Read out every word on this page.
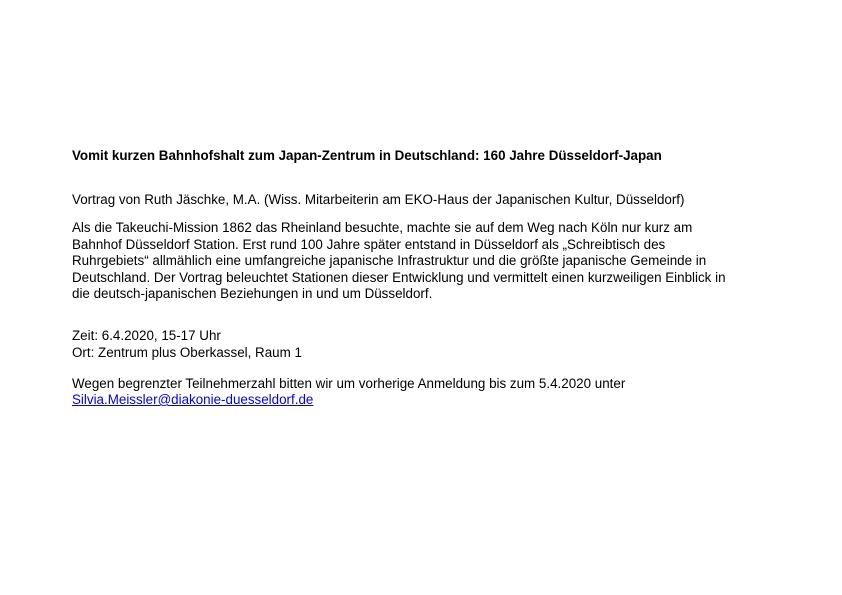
Vomit kurzen Bahnhofshalt zum Japan-Zentrum in Deutschland: 160 Jahre Düsseldorf-Japan

Vortrag von Ruth Jäschke, M.A. (Wiss. Mitarbeiterin am EKO-Haus der Japanischen Kultur, Düsseldorf)

Als die Takeuchi-Mission 1862 das Rheinland besuchte, machte sie auf dem Weg nach Köln nur kurz am
Bahnhof Düsseldorf Station. Erst rund 100 Jahre später entstand in Düsseldorf als „Schreibtisch des
Ruhrgebiets“ allmählich eine umfangreiche japanische Infrastruktur und die größte japanische Gemeinde in
Deutschland. Der Vortrag beleuchtet Stationen dieser Entwicklung und vermittelt einen kurzweiligen Einblick in
die deutsch-japanischen Beziehungen in und um Düsseldorf.

Zeit: 6.4.2020, 15-17 Uhr

Ort: Zentrum plus Oberkassel, Raum 1

Wegen begrenzter Teilnehmerzahl bitten wir um vorherige Anmeldung bis zum 5.4.2020 unter

Silvia.Meissler@diakonie-duesseldorf.de
